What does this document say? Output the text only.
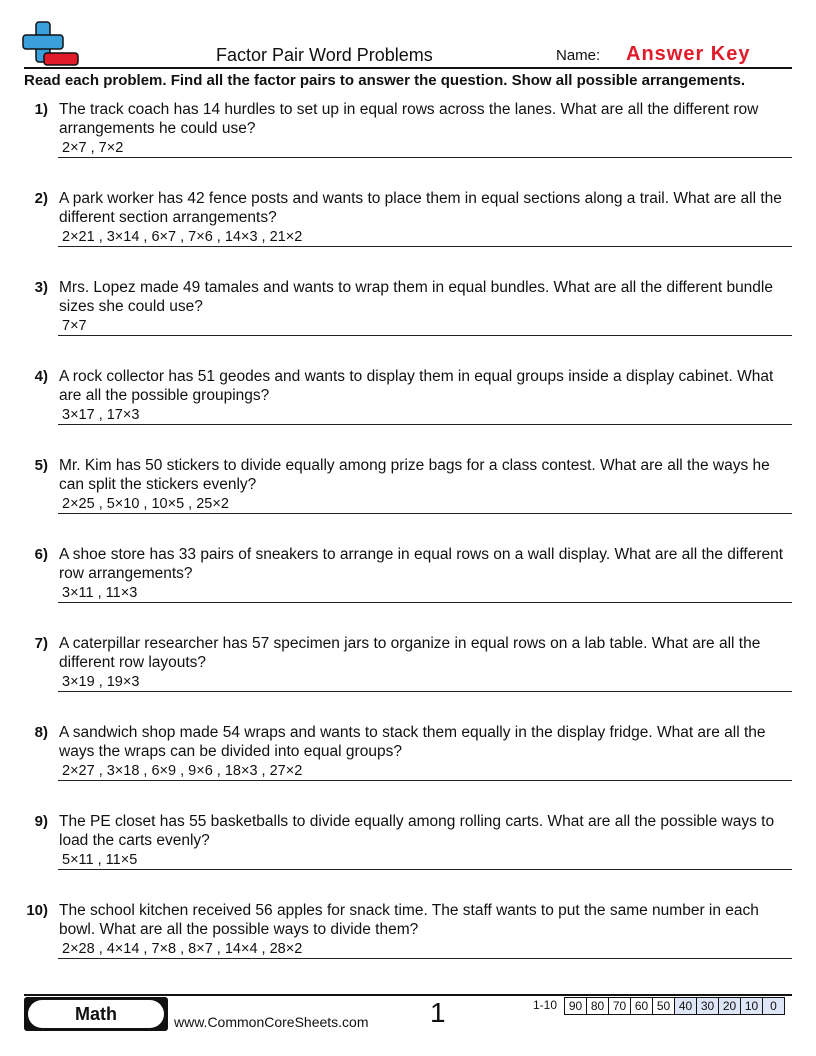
Factor Pair Word Problems	Name: Answer Key
Read each problem. Find all the factor pairs to answer the question. Show all possible arrangements.
1) The track coach has 14 hurdles to set up in equal rows across the lanes. What are all the different row arrangements he could use?
2×7 , 7×2
2) A park worker has 42 fence posts and wants to place them in equal sections along a trail. What are all the different section arrangements?
2×21 , 3×14 , 6×7 , 7×6 , 14×3 , 21×2
3) Mrs. Lopez made 49 tamales and wants to wrap them in equal bundles. What are all the different bundle sizes she could use?
7×7
4) A rock collector has 51 geodes and wants to display them in equal groups inside a display cabinet. What are all the possible groupings?
3×17 , 17×3
5) Mr. Kim has 50 stickers to divide equally among prize bags for a class contest. What are all the ways he can split the stickers evenly?
2×25 , 5×10 , 10×5 , 25×2
6) A shoe store has 33 pairs of sneakers to arrange in equal rows on a wall display. What are all the different row arrangements?
3×11 , 11×3
7) A caterpillar researcher has 57 specimen jars to organize in equal rows on a lab table. What are all the different row layouts?
3×19 , 19×3
8) A sandwich shop made 54 wraps and wants to stack them equally in the display fridge. What are all the ways the wraps can be divided into equal groups?
2×27 , 3×18 , 6×9 , 9×6 , 18×3 , 27×2
9) The PE closet has 55 basketballs to divide equally among rolling carts. What are all the possible ways to load the carts evenly?
5×11 , 11×5
10) The school kitchen received 56 apples for snack time. The staff wants to put the same number in each bowl. What are all the possible ways to divide them?
2×28 , 4×14 , 7×8 , 8×7 , 14×4 , 28×2
Math	www.CommonCoreSheets.com 1	1-10 90 80 70 60 50 40 30 20 10 0
